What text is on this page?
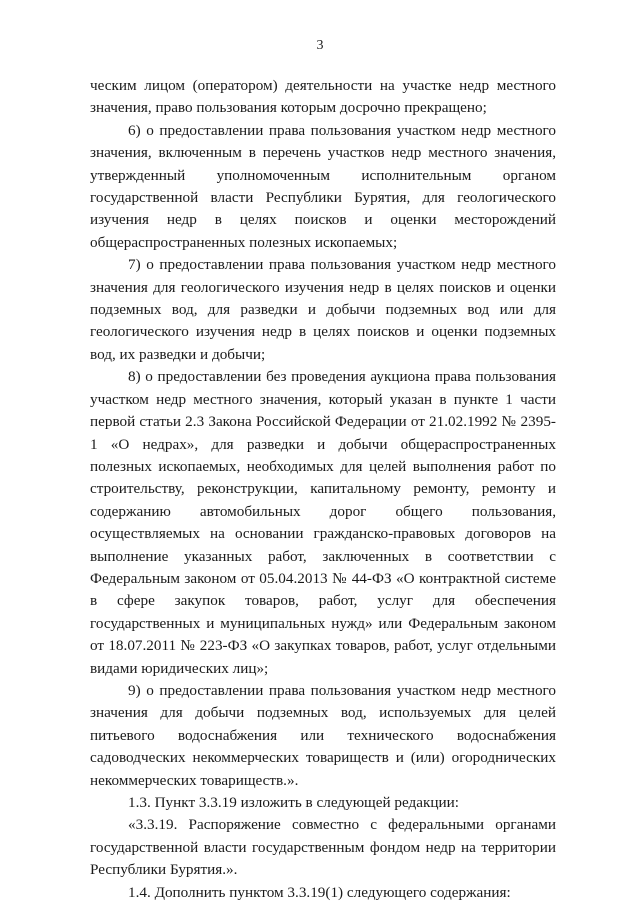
3

ческим лицом (оператором) деятельности на участке недр местного значения, право пользования которым досрочно прекращено;

6) о предоставлении права пользования участком недр местного значения, включенным в перечень участков недр местного значения, утвержденный уполномоченным исполнительным органом государственной власти Республики Бурятия, для геологического изучения недр в целях поисков и оценки месторождений общераспространенных полезных ископаемых;

7) о предоставлении права пользования участком недр местного значения для геологического изучения недр в целях поисков и оценки подземных вод, для разведки и добычи подземных вод или для геологического изучения недр в целях поисков и оценки подземных вод, их разведки и добычи;

8) о предоставлении без проведения аукциона права пользования участком недр местного значения, который указан в пункте 1 части первой статьи 2.3 Закона Российской Федерации от 21.02.1992 № 2395-1 «О недрах», для разведки и добычи общераспространенных полезных ископаемых, необходимых для целей выполнения работ по строительству, реконструкции, капитальному ремонту, ремонту и содержанию автомобильных дорог общего пользования, осуществляемых на основании гражданско-правовых договоров на выполнение указанных работ, заключенных в соответствии с Федеральным законом от 05.04.2013 № 44-ФЗ «О контрактной системе в сфере закупок товаров, работ, услуг для обеспечения государственных и муниципальных нужд» или Федеральным законом от 18.07.2011 № 223-ФЗ «О закупках товаров, работ, услуг отдельными видами юридических лиц»;

9) о предоставлении права пользования участком недр местного значения для добычи подземных вод, используемых для целей питьевого водоснабжения или технического водоснабжения садоводческих некоммерческих товариществ и (или) огороднических некоммерческих товариществ.».

1.3. Пункт 3.3.19 изложить в следующей редакции:

«3.3.19. Распоряжение совместно с федеральными органами государственной власти государственным фондом недр на территории Республики Бурятия.».

1.4. Дополнить пунктом 3.3.19(1) следующего содержания:
